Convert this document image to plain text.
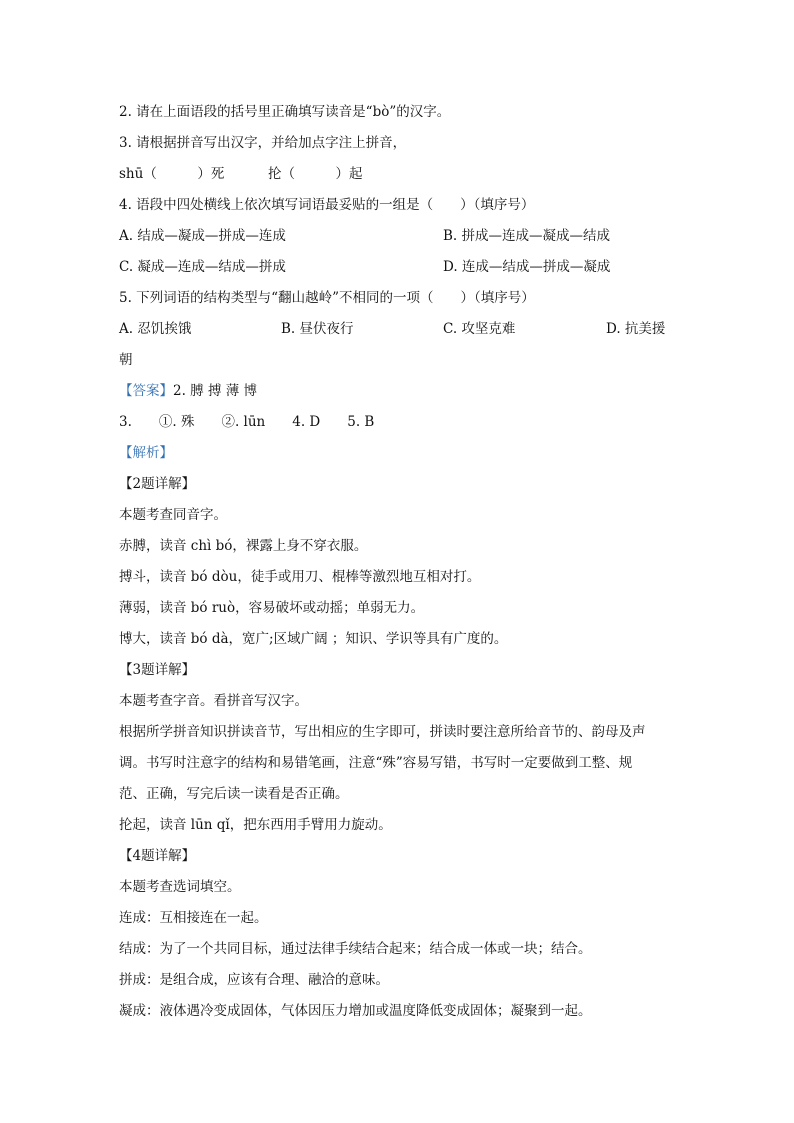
2. 请在上面语段的括号里正确填写读音是“bò”的汉字。
3. 请根据拼音写出汉字，并给加点字注上拼音，
shū（　　　）死	抡（　　　）起
4. 语段中四处横线上依次填写词语最妥贴的一组是（　　）（填序号）
A. 结成—凝成—拼成—连成	B. 拼成—连成—凝成—结成
C. 凝成—连成—结成—拼成	D. 连成—结成—拼成—凝成
5. 下列词语的结构类型与“翻山越岭”不相同的一项（　　）（填序号）
A. 忍饥挨饿	B. 昼伏夜行	C. 攻坚克难	D. 抗美援
朝
【答案】2. 膊 搏 薄 博
3.　　①. 殊　　②. lūn　　4. D　　5. B
【解析】
【2题详解】
本题考查同音字。
赤膊，读音 chì bó，裸露上身不穿衣服。
搏斗，读音 bó dòu，徒手或用刀、棍棒等激烈地互相对打。
薄弱，读音 bó ruò，容易破坏或动摇；单弱无力。
博大，读音 bó dà，宽广;区域广阔 ；知识、学识等具有广度的。
【3题详解】
本题考查字音。看拼音写汉字。
根据所学拼音知识拼读音节，写出相应的生字即可，拼读时要注意所给音节的、韵母及声
调。书写时注意字的结构和易错笔画，注意“殊”容易写错，书写时一定要做到工整、规
范、正确，写完后读一读看是否正确。
抡起，读音 lūn qǐ，把东西用手臂用力旋动。
【4题详解】
本题考查选词填空。
连成：互相接连在一起。
结成：为了一个共同目标，通过法律手续结合起来；结合成一体或一块；结合。
拼成：是组合成，应该有合理、融洽的意味。
凝成：液体遇冷变成固体，气体因压力增加或温度降低变成固体；凝聚到一起。
